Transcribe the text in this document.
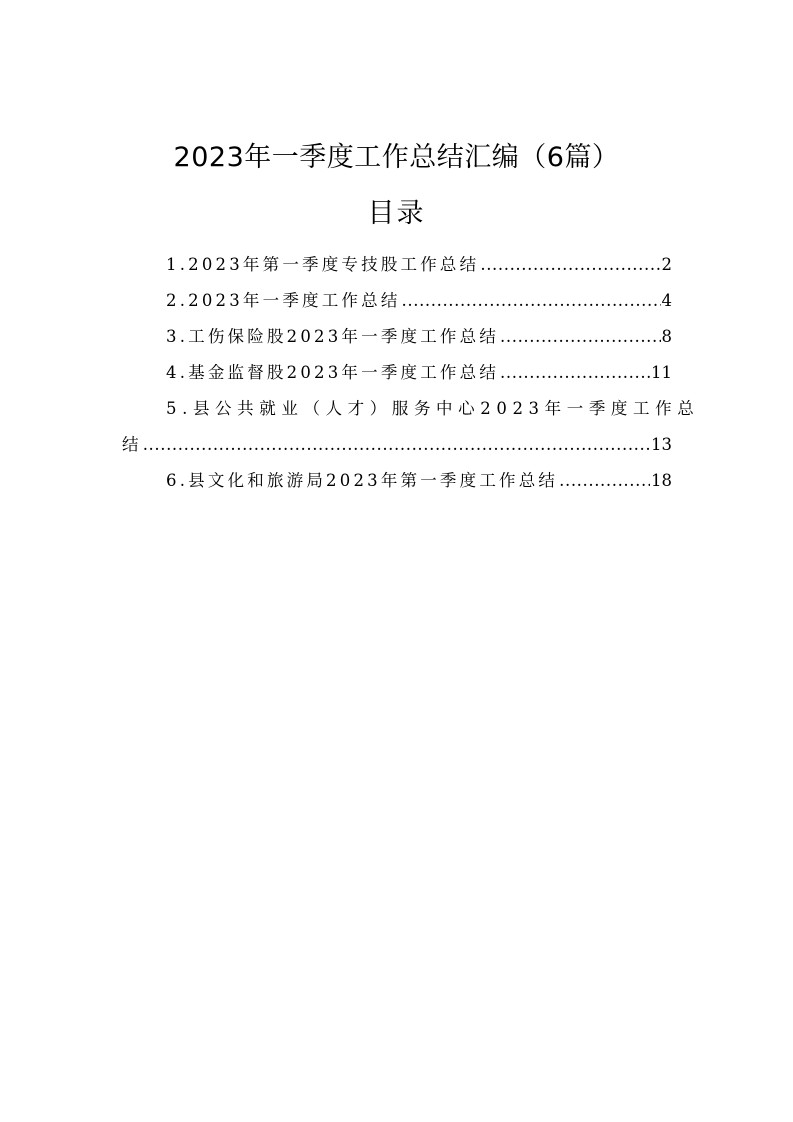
2023年一季度工作总结汇编（6篇）
目录
1.2023年第一季度专技股工作总结 .....	2
2.2023年一季度工作总结 .....	4
3.工伤保险股2023年一季度工作总结 .....	8
4.基金监督股2023年一季度工作总结 .....	11
5.县公共就业（人才）服务中心2023年一季度工作总
结 .....	13
6.县文化和旅游局2023年第一季度工作总结 .....	18
